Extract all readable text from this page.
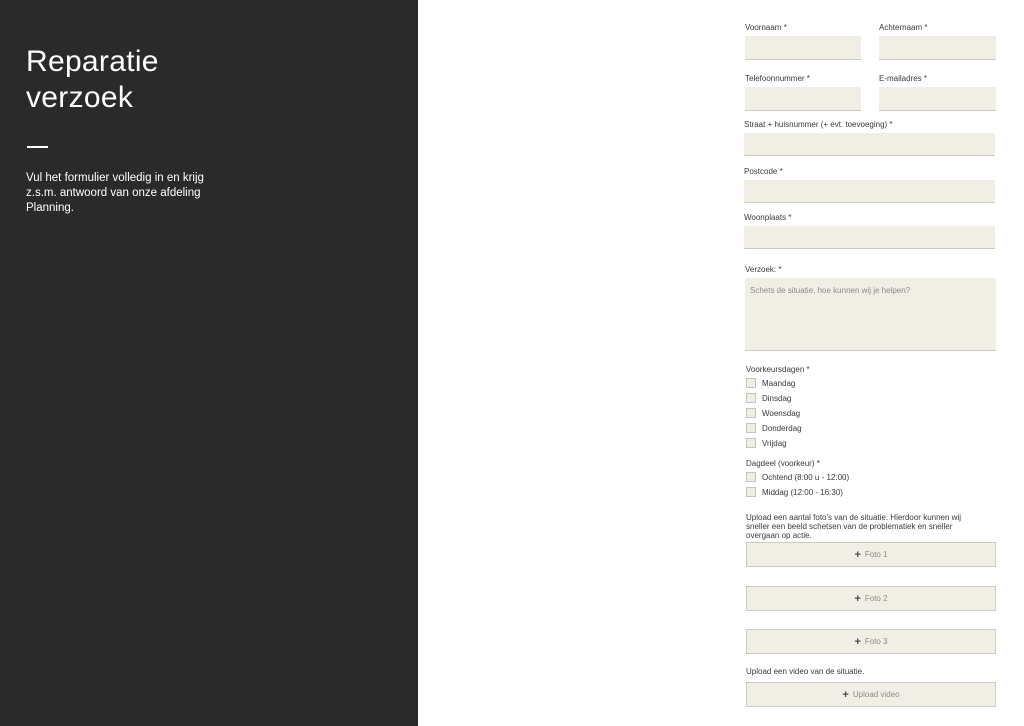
Reparatie
verzoek

Vul het formulier volledig in en krijg z.s.m. antwoord van onze afdeling Planning.

Voornaam *	Achternaam *
Telefoonnummer *	E-mailadres *
Straat + huisnummer (+ evt. toevoeging) *
Postcode *
Woonplaats *
Verzoek: *
Schets de situatie, hoe kunnen wij je helpen?
Voorkeursdagen *
Maandag
Dinsdag
Woensdag
Donderdag
Vrijdag
Dagdeel (voorkeur) *
Ochtend (8:00 u - 12:00)
Middag (12:00 - 16:30)

Upload een aantal foto's van de situatie. Hierdoor kunnen wij sneller een beeld schetsen van de problematiek en sneller overgaan op actie.

+ Foto 1
+ Foto 2
+ Foto 3
Upload een video van de situatie.
+ Upload video
